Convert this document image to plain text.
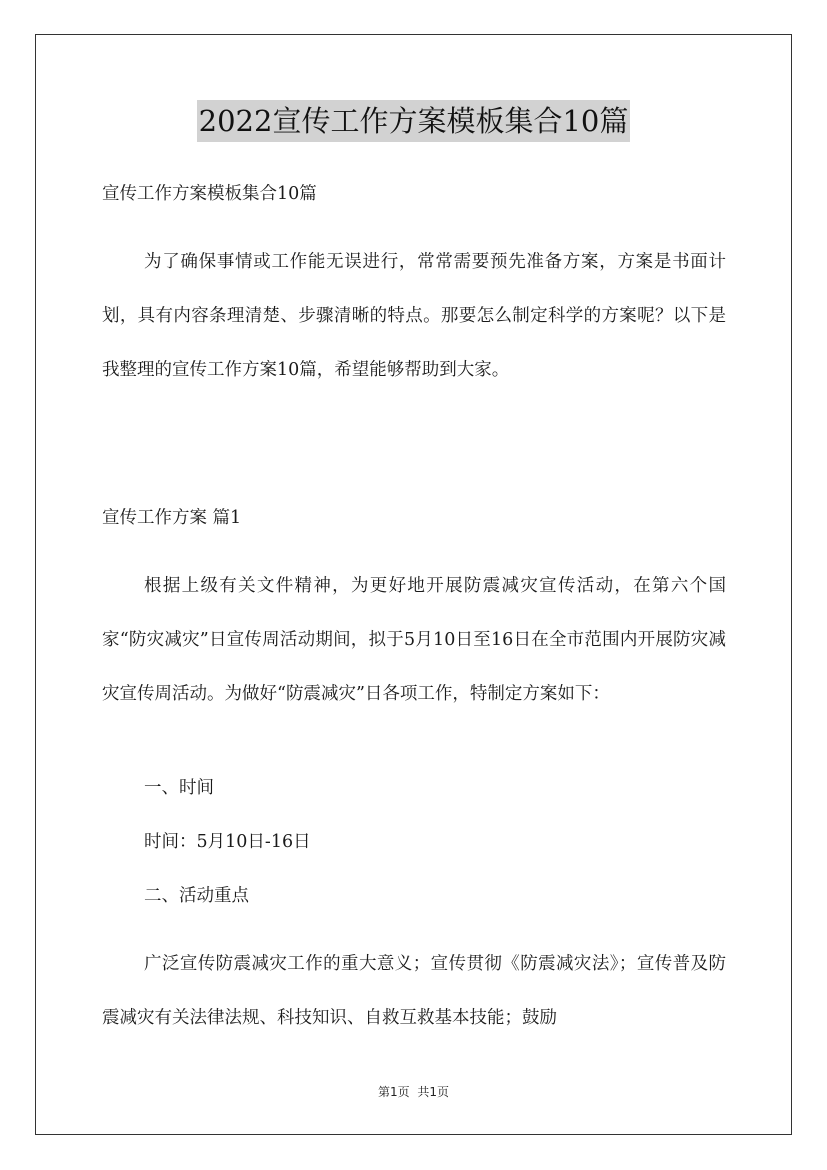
2022宣传工作方案模板集合10篇
宣传工作方案模板集合10篇
为了确保事情或工作能无误进行，常常需要预先准备方案，方案是书面计划，具有内容条理清楚、步骤清晰的特点。那要怎么制定科学的方案呢？以下是我整理的宣传工作方案10篇，希望能够帮助到大家。
宣传工作方案 篇1
根据上级有关文件精神，为更好地开展防震减灾宣传活动，在第六个国家“防灾减灾”日宣传周活动期间，拟于5月10日至16日在全市范围内开展防灾减灾宣传周活动。为做好“防震减灾”日各项工作，特制定方案如下：
一、时间
时间：5月10日-16日
二、活动重点
广泛宣传防震减灾工作的重大意义；宣传贯彻《防震减灾法》；宣传普及防震减灾有关法律法规、科技知识、自救互救基本技能；鼓励
第1页 共1页
